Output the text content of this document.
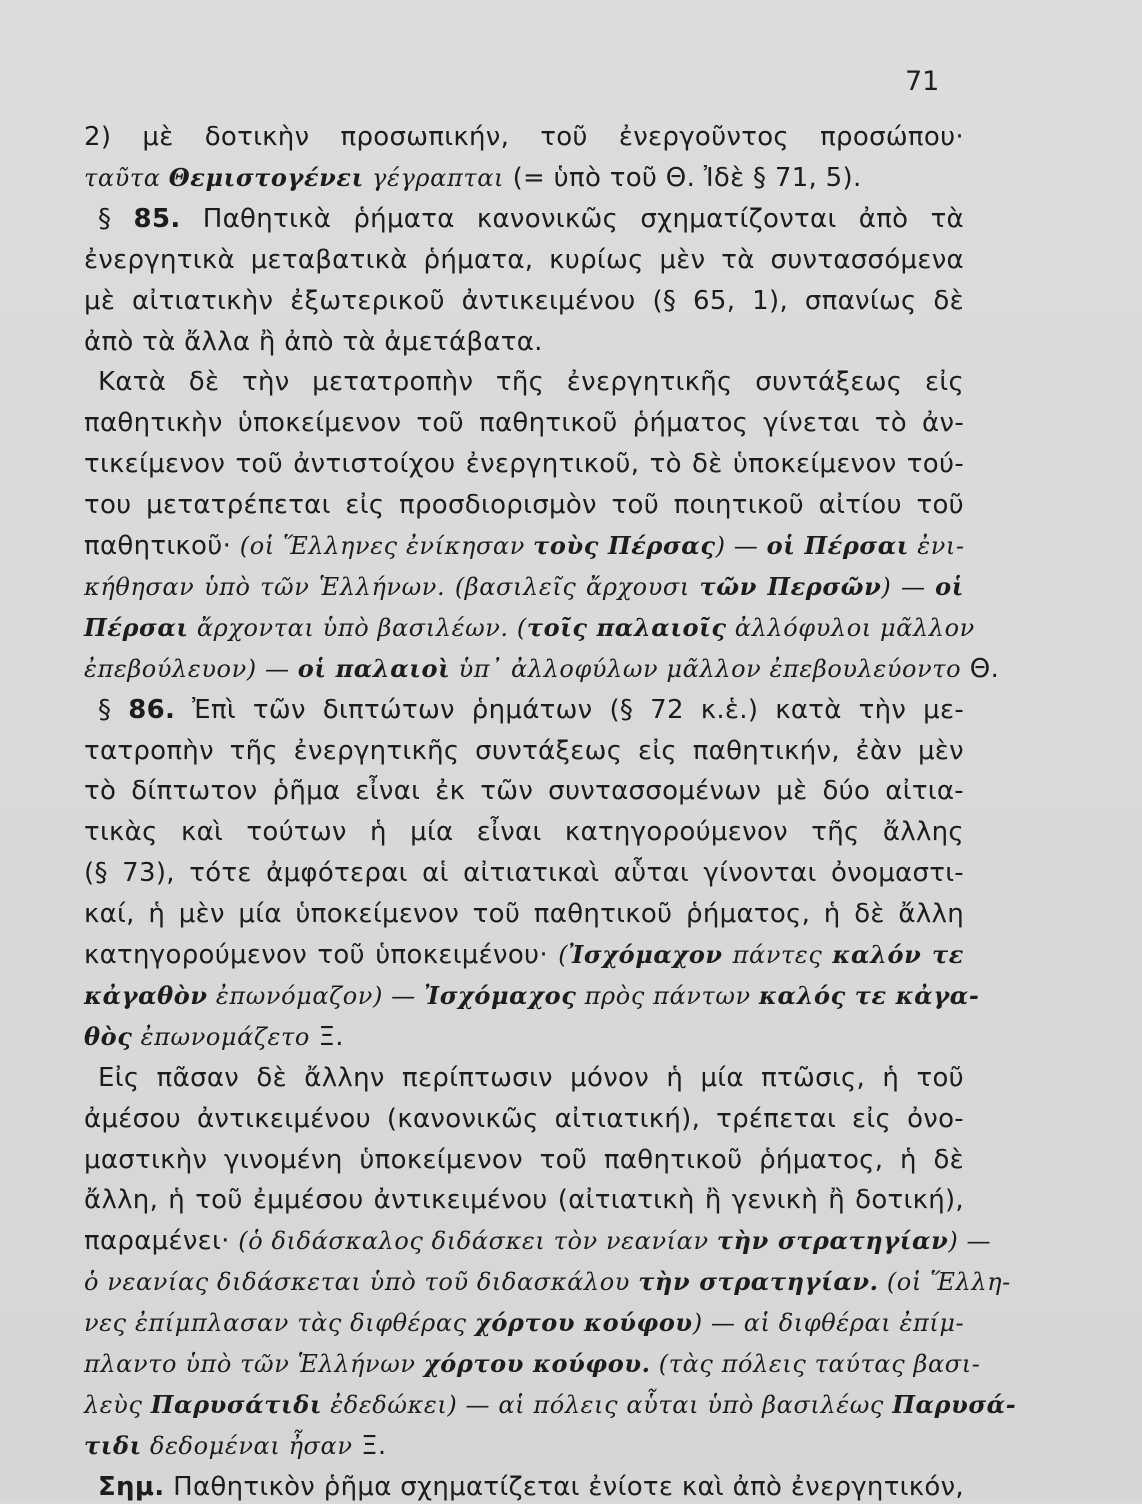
71
2) μὲ δοτικὴν προσωπικήν, τοῦ ἐνεργοῦντος προσώπου·
ταῦτα Θεμιστογένει γέγραπται (= ὑπὸ τοῦ Θ. Ἰδὲ § 71, 5).
§ 85. Παθητικὰ ῥήματα κανονικῶς σχηματίζονται ἀπὸ τὰ
ἐνεργητικὰ μεταβατικὰ ῥήματα, κυρίως μὲν τὰ συντασσόμενα
μὲ αἰτιατικὴν ἐξωτερικοῦ ἀντικειμένου (§ 65, 1), σπανίως δὲ
ἀπὸ τὰ ἄλλα ἢ ἀπὸ τὰ ἀμετάβατα.
Κατὰ δὲ τὴν μετατροπὴν τῆς ἐνεργητικῆς συντάξεως εἰς
παθητικὴν ὑποκείμενον τοῦ παθητικοῦ ῥήματος γίνεται τὸ ἀν-
τικείμενον τοῦ ἀντιστοίχου ἐνεργητικοῦ, τὸ δὲ ὑποκείμενον τού-
του μετατρέπεται εἰς προσδιορισμὸν τοῦ ποιητικοῦ αἰτίου τοῦ
παθητικοῦ· (οἱ Ἕλληνες ἐνίκησαν τοὺς Πέρσας) — οἱ Πέρσαι ἐνι-
κήθησαν ὑπὸ τῶν Ἑλλήνων. (βασιλεῖς ἄρχουσι τῶν Περσῶν) — οἱ
Πέρσαι ἄρχονται ὑπὸ βασιλέων. (τοῖς παλαιοῖς ἀλλόφυλοι μᾶλλον
ἐπεβούλευον) — οἱ παλαιοὶ ὑπ᾽ ἀλλοφύλων μᾶλλον ἐπεβουλεύοντο Θ.
§ 86. Ἐπὶ τῶν διπτώτων ῥημάτων (§ 72 κ.ἑ.) κατὰ τὴν με-
τατροπὴν τῆς ἐνεργητικῆς συντάξεως εἰς παθητικήν, ἐὰν μὲν
τὸ δίπτωτον ῥῆμα εἶναι ἐκ τῶν συντασσομένων μὲ δύο αἰτια-
τικὰς καὶ τούτων ἡ μία εἶναι κατηγορούμενον τῆς ἄλλης
(§ 73), τότε ἀμφότεραι αἱ αἰτιατικαὶ αὗται γίνονται ὀνομαστι-
καί, ἡ μὲν μία ὑποκείμενον τοῦ παθητικοῦ ῥήματος, ἡ δὲ ἄλλη
κατηγορούμενον τοῦ ὑποκειμένου· (Ἰσχόμαχον πάντες καλόν τε
κἀγαθὸν ἐπωνόμαζον) — Ἰσχόμαχος πρὸς πάντων καλός τε κἀγα-
θὸς ἐπωνομάζετο Ξ.
Εἰς πᾶσαν δὲ ἄλλην περίπτωσιν μόνον ἡ μία πτῶσις, ἡ τοῦ
ἀμέσου ἀντικειμένου (κανονικῶς αἰτιατική), τρέπεται εἰς ὀνο-
μαστικὴν γινομένη ὑποκείμενον τοῦ παθητικοῦ ῥήματος, ἡ δὲ
ἄλλη, ἡ τοῦ ἐμμέσου ἀντικειμένου (αἰτιατικὴ ἢ γενικὴ ἢ δοτική),
παραμένει· (ὁ διδάσκαλος διδάσκει τὸν νεανίαν τὴν στρατηγίαν) —
ὁ νεανίας διδάσκεται ὑπὸ τοῦ διδασκάλου τὴν στρατηγίαν. (οἱ Ἕλλη-
νες ἐπίμπλασαν τὰς διφθέρας χόρτου κούφου) — αἱ διφθέραι ἐπίμ-
πλαντο ὑπὸ τῶν Ἑλλήνων χόρτου κούφου. (τὰς πόλεις ταύτας βασι-
λεὺς Παρυσάτιδι ἐδεδώκει) — αἱ πόλεις αὗται ὑπὸ βασιλέως Παρυσά-
τιδι δεδομέναι ἦσαν Ξ.
Σημ. Παθητικὸν ῥῆμα σχηματίζεται ἐνίοτε καὶ ἀπὸ ἐνεργητικόν,
